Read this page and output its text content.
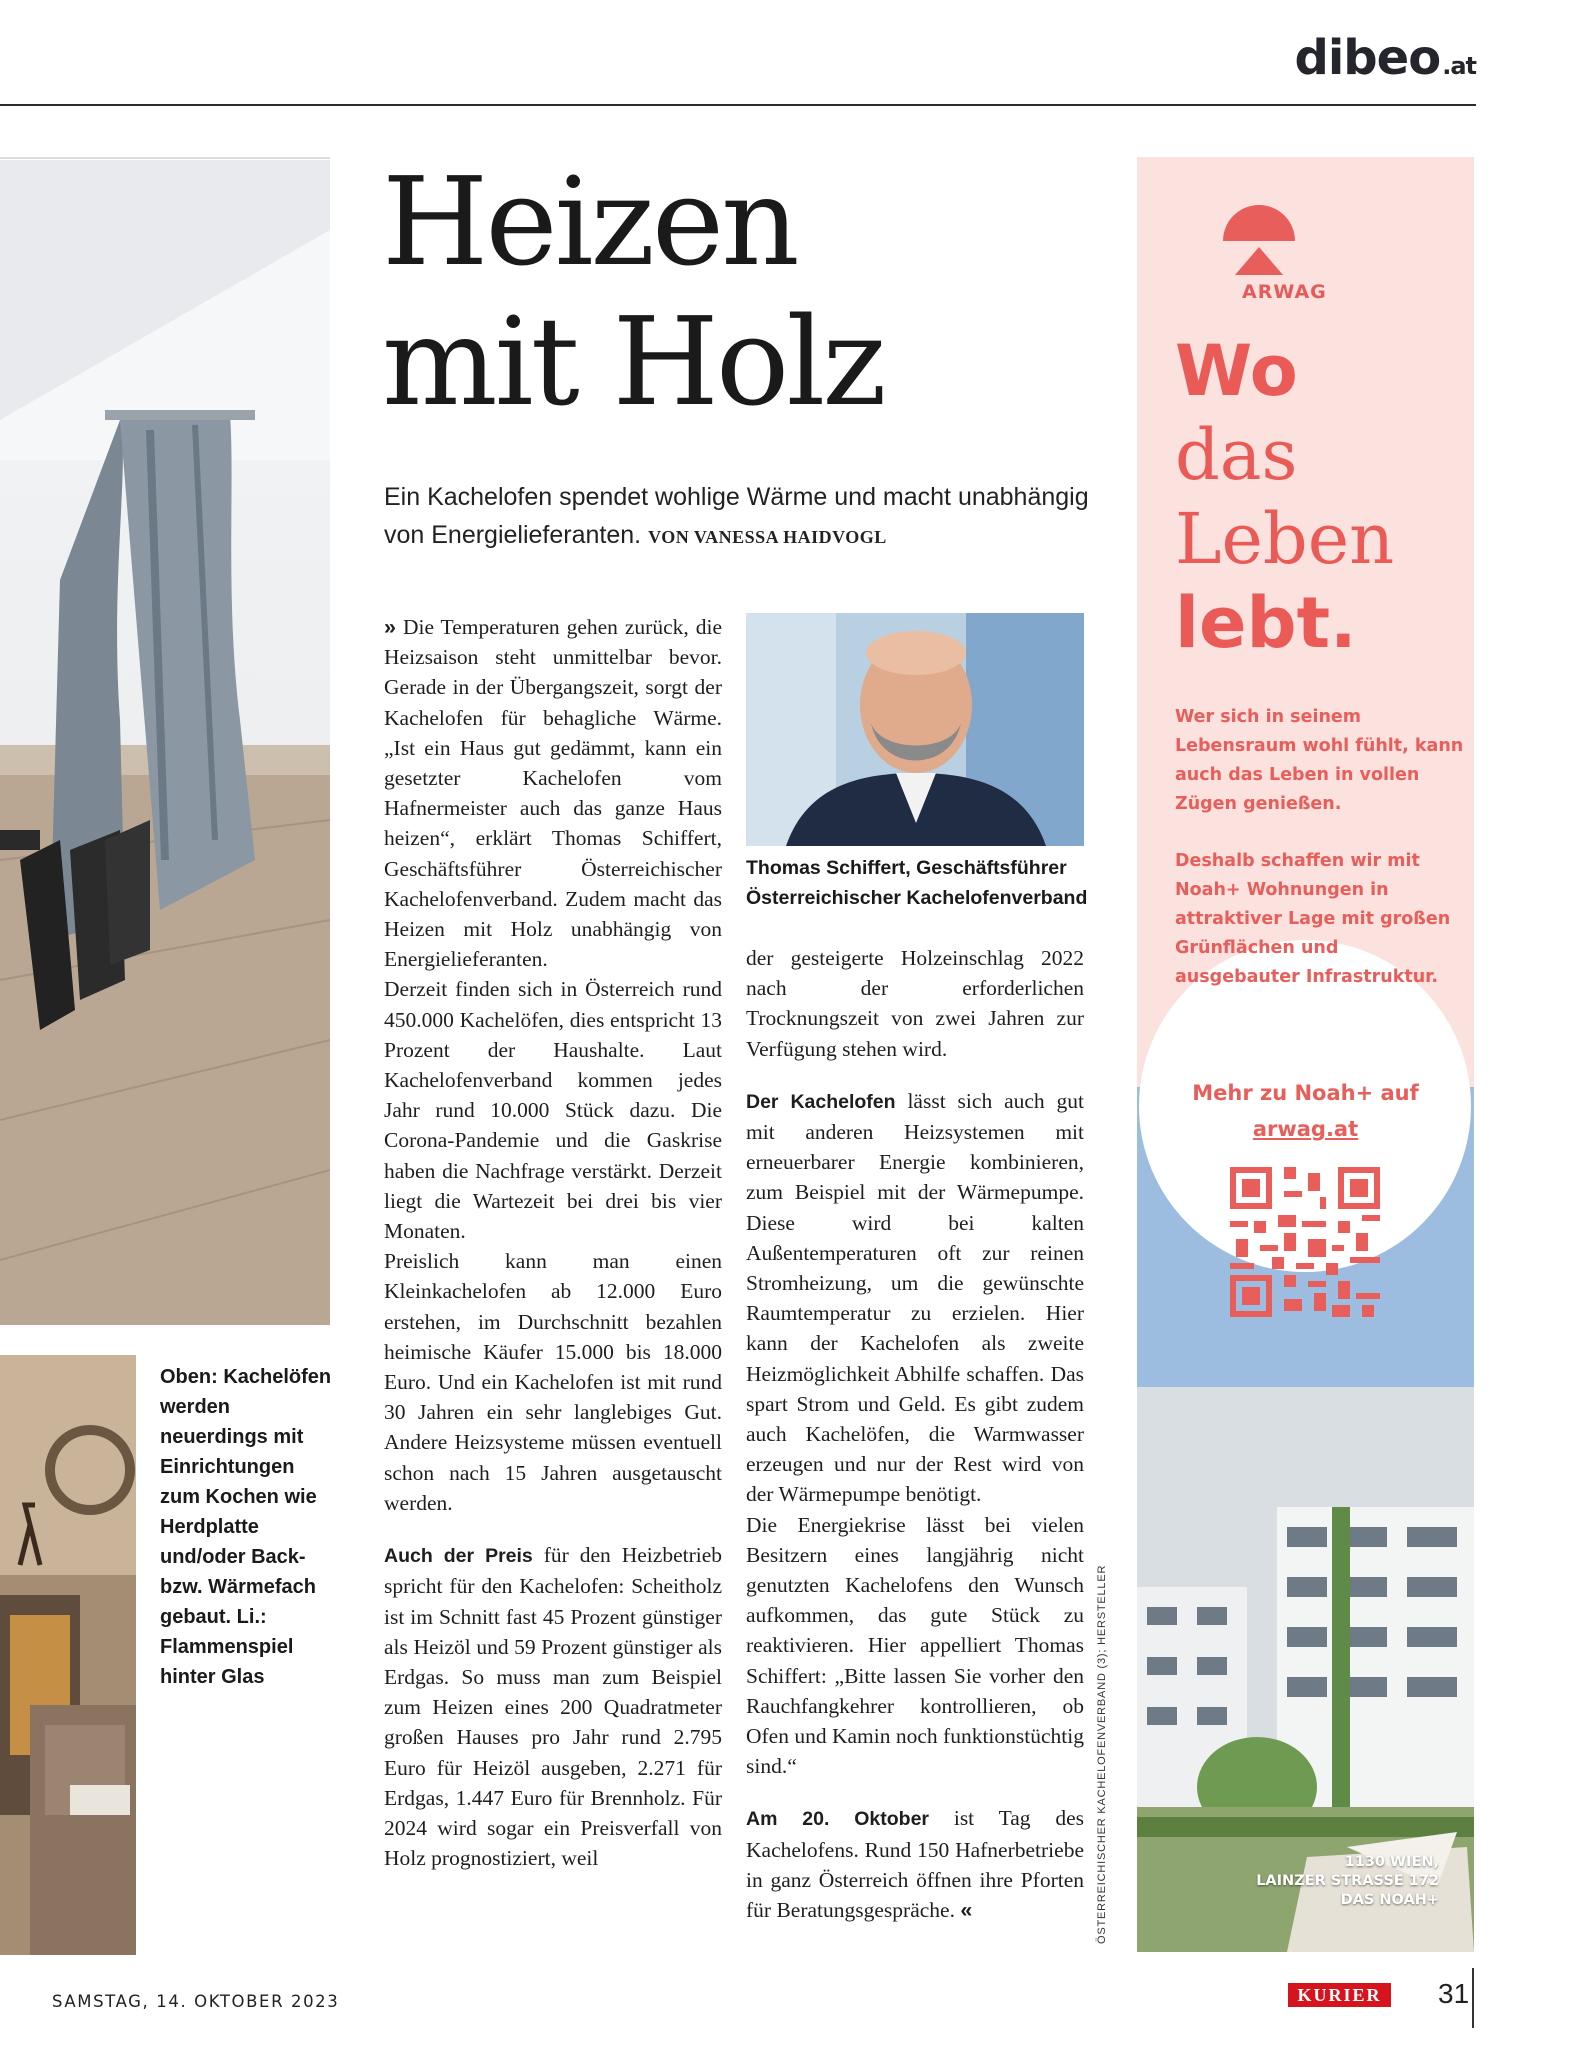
dibe o .at
Oben: Kachelöfen werden neuerdings mit Einrichtungen zum Kochen wie Herdplatte und/oder Back- bzw. Wärmefach gebaut. Li.: Flammenspiel hinter Glas
Heizen
mit Holz
Ein Kachelofen spendet wohlige Wärme und macht unabhängig von Energielieferanten. VON VANESSA HAIDVOGL

» Die Temperaturen gehen zurück, die Heizsaison steht unmittelbar bevor. Gerade in der Übergangszeit, sorgt der Kachelofen für behagliche Wärme. „Ist ein Haus gut gedämmt, kann ein gesetzter Kachelofen vom Hafnermeister auch das ganze Haus heizen“, erklärt Thomas Schiffert, Geschäftsführer Österreichischer Kachelofenverband. Zudem macht das Heizen mit Holz unabhängig von Energielieferanten.

Derzeit finden sich in Österreich rund 450.000 Kachelöfen, dies entspricht 13 Prozent der Haushalte. Laut Kachelofenverband kommen jedes Jahr rund 10.000 Stück dazu. Die Corona-Pandemie und die Gaskrise haben die Nachfrage verstärkt. Derzeit liegt die Wartezeit bei drei bis vier Monaten.

Preislich kann man einen Kleinkachelofen ab 12.000 Euro erstehen, im Durchschnitt bezahlen heimische Käufer 15.000 bis 18.000 Euro. Und ein Kachelofen ist mit rund 30 Jahren ein sehr langlebiges Gut. Andere Heizsysteme müssen eventuell schon nach 15 Jahren ausgetauscht werden.

Auch der Preis für den Heizbetrieb spricht für den Kachelofen: Scheitholz ist im Schnitt fast 45 Prozent günstiger als Heizöl und 59 Prozent günstiger als Erdgas. So muss man zum Beispiel zum Heizen eines 200 Quadratmeter großen Hauses pro Jahr rund 2.795 Euro für Heizöl ausgeben, 2.271 für Erdgas, 1.447 Euro für Brennholz. Für 2024 wird sogar ein Preisverfall von Holz prognostiziert, weil

Thomas Schiffert, Geschäftsführer Österreichischer Kachelofenverband

der gesteigerte Holzeinschlag 2022 nach der erforderlichen Trocknungszeit von zwei Jahren zur Verfügung stehen wird.

Der Kachelofen lässt sich auch gut mit anderen Heizsystemen mit erneuerbarer Energie kombinieren, zum Beispiel mit der Wärmepumpe. Diese wird bei kalten Außentemperaturen oft zur reinen Stromheizung, um die gewünschte Raumtemperatur zu erzielen. Hier kann der Kachelofen als zweite Heizmöglichkeit Abhilfe schaffen. Das spart Strom und Geld. Es gibt zudem auch Kachelöfen, die Warmwasser erzeugen und nur der Rest wird von der Wärmepumpe benötigt.

Die Energiekrise lässt bei vielen Besitzern eines langjährig nicht genutzten Kachelofens den Wunsch aufkommen, das gute Stück zu reaktivieren. Hier appelliert Thomas Schiffert: „Bitte lassen Sie vorher den Rauchfangkehrer kontrollieren, ob Ofen und Kamin noch funktionstüchtig sind.“

Am 20. Oktober ist Tag des Kachelofens. Rund 150 Hafnerbetriebe in ganz Österreich öffnen ihre Pforten für Beratungsgespräche. «	ÖSTERREICHISCHER KACHELOFENVERBAND (3); HERSTELLER
ARWAG
Wo
das
Leben
lebt.
Wer sich in seinem Lebensraum wohl fühlt, kann auch das Leben in vollen Zügen genießen.
Deshalb schaffen wir mit Noah+ Wohnungen in attraktiver Lage mit großen Grünflächen und ausgebauter Infrastruktur.
Mehr zu Noah+ auf
arwag.at
1130 WIEN,
LAINZER STRASSE 172
DAS NOAH+
SAMSTAG, 14. OKTOBER 2023	KURIER	31
